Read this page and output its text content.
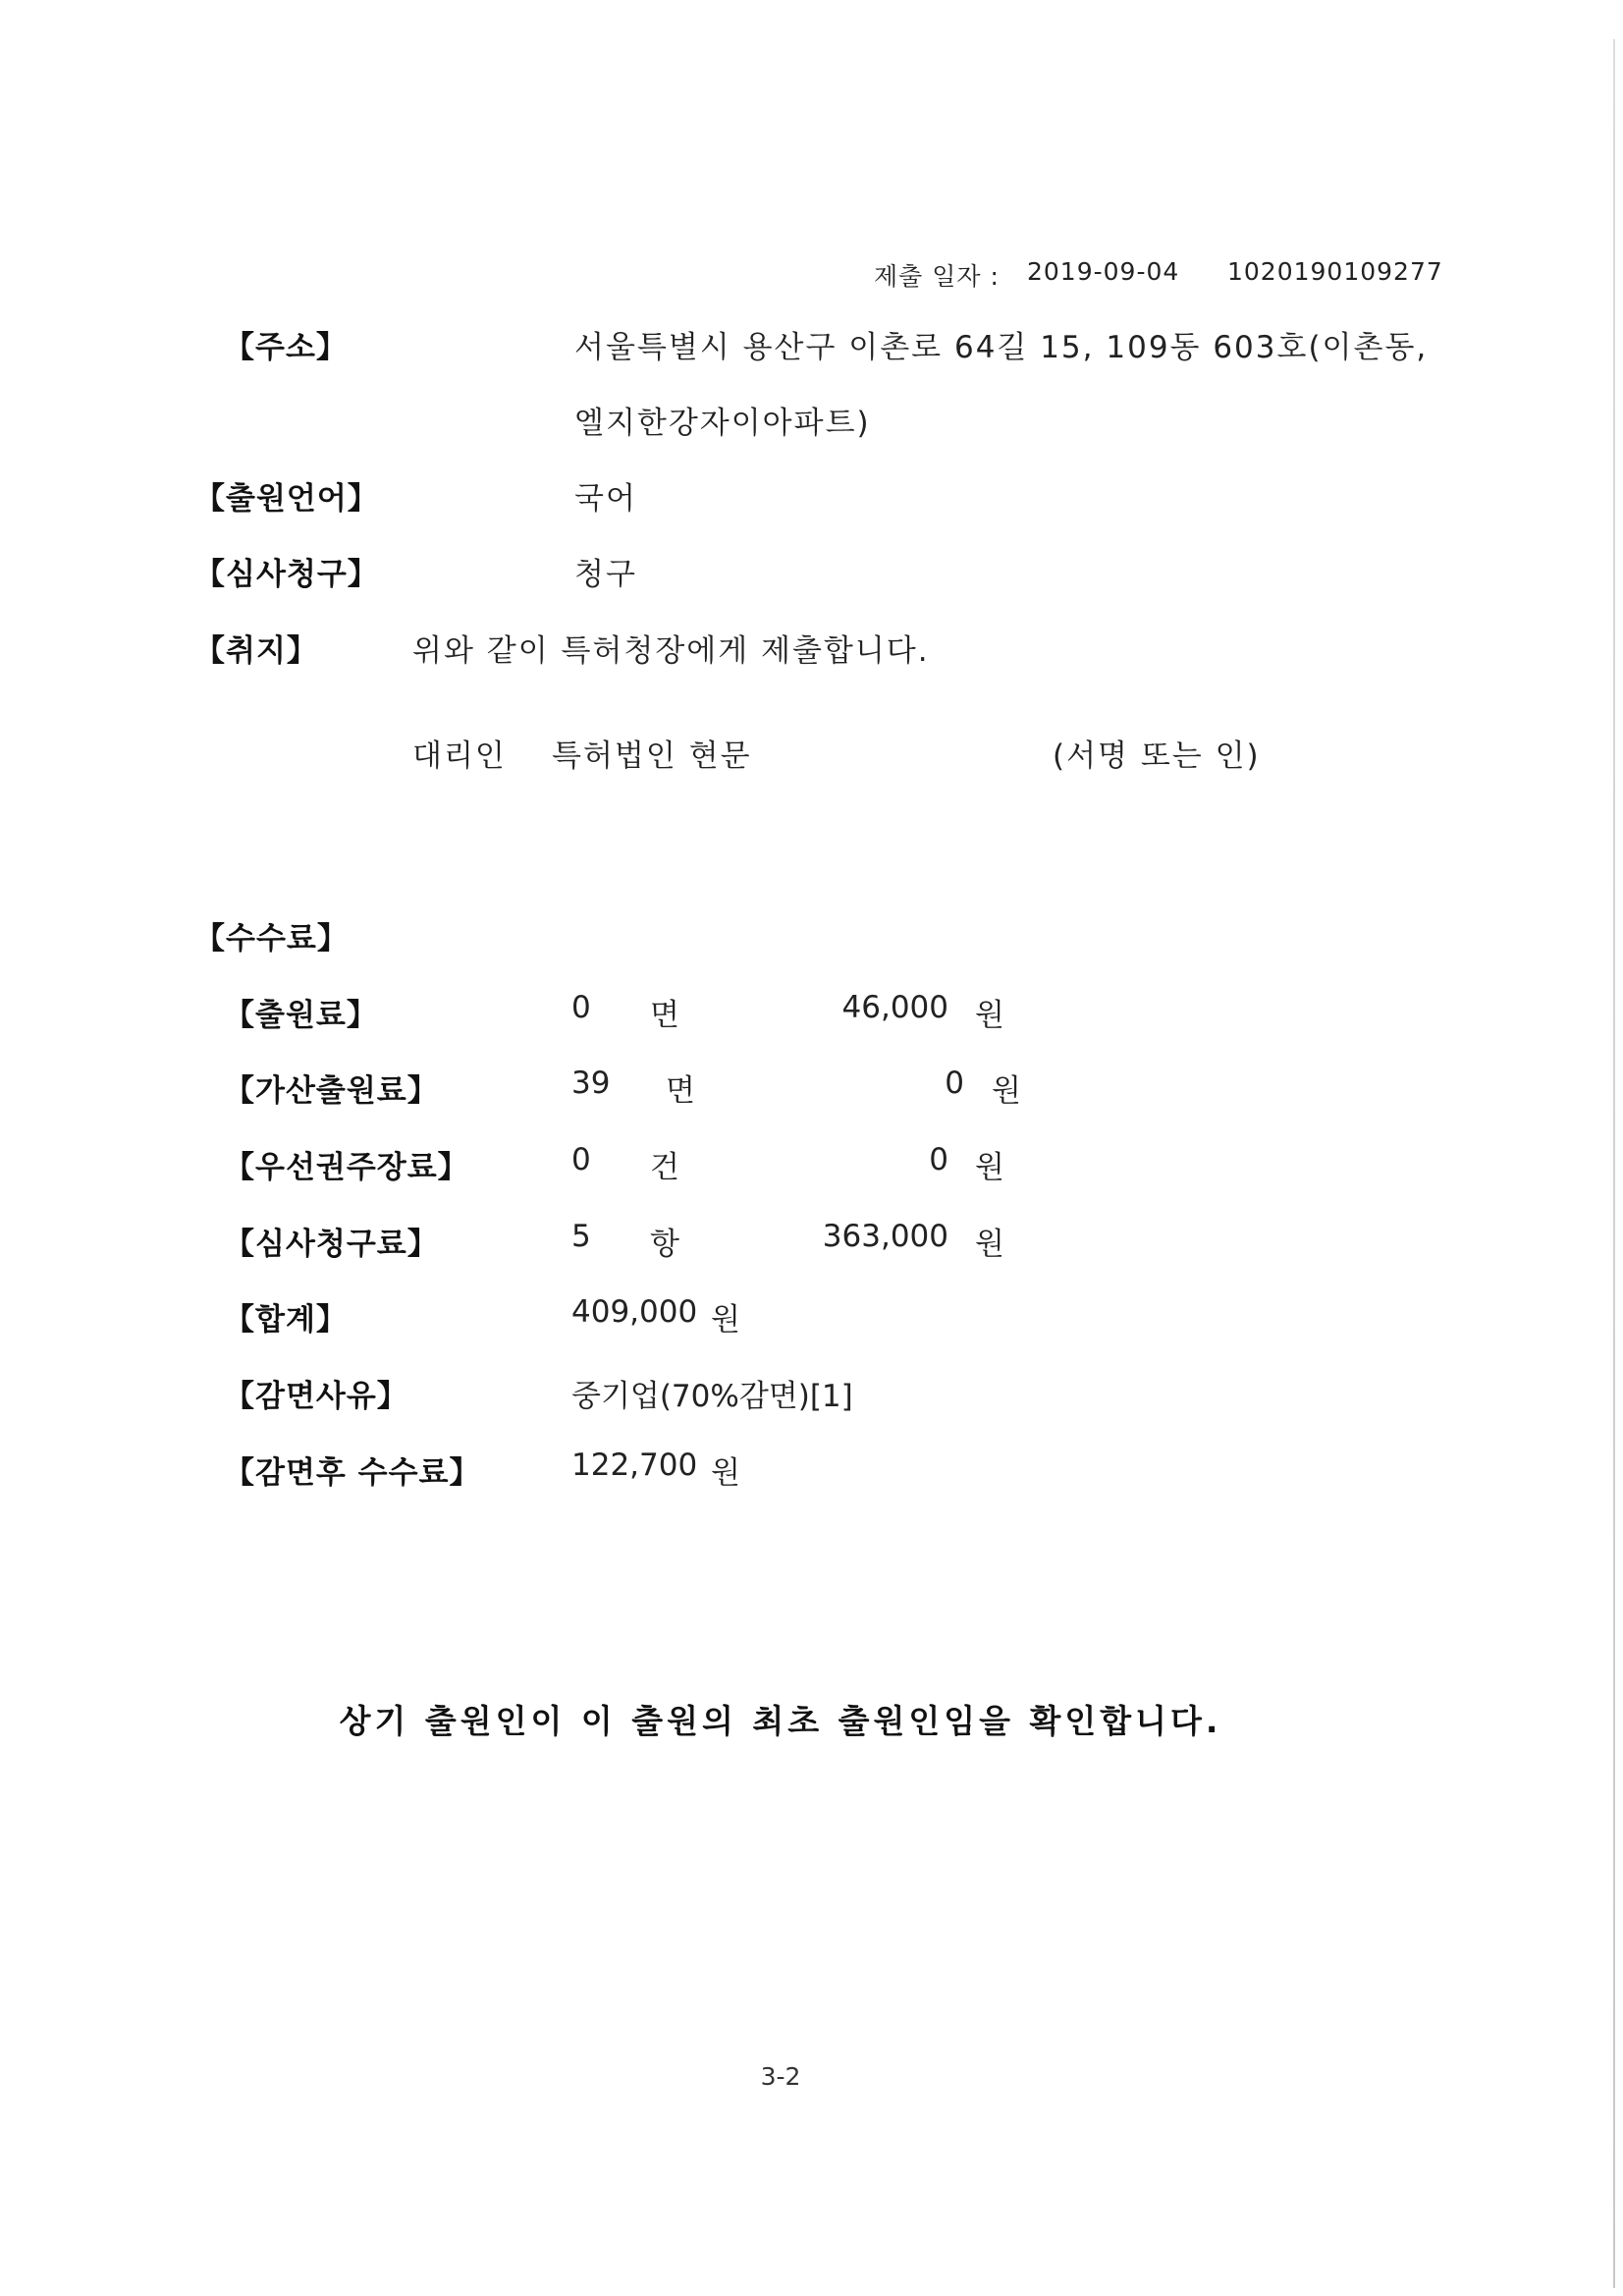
제출 일자 : 2019-09-04 1020190109277
【주소】	서울특별시 용산구 이촌로 64길 15, 109동 603호(이촌동,
엘지한강자이아파트)
【출원언어】	국어
【심사청구】	청구
【취지】	위와 같이 특허청장에게 제출합니다.
대리인 특허법인 현문	(서명 또는 인)
【수수료】
【출원료】	0 면	46,000 원
【가산출원료】	39 면	0 원
【우선권주장료】	0 건	0 원
【심사청구료】	5 항	363,000 원
【합계】	409,000 원
【감면사유】	중기업(70%감면)[1]
【감면후 수수료】	122,700 원
상기 출원인이 이 출원의 최초 출원인임을 확인합니다.
3-2
